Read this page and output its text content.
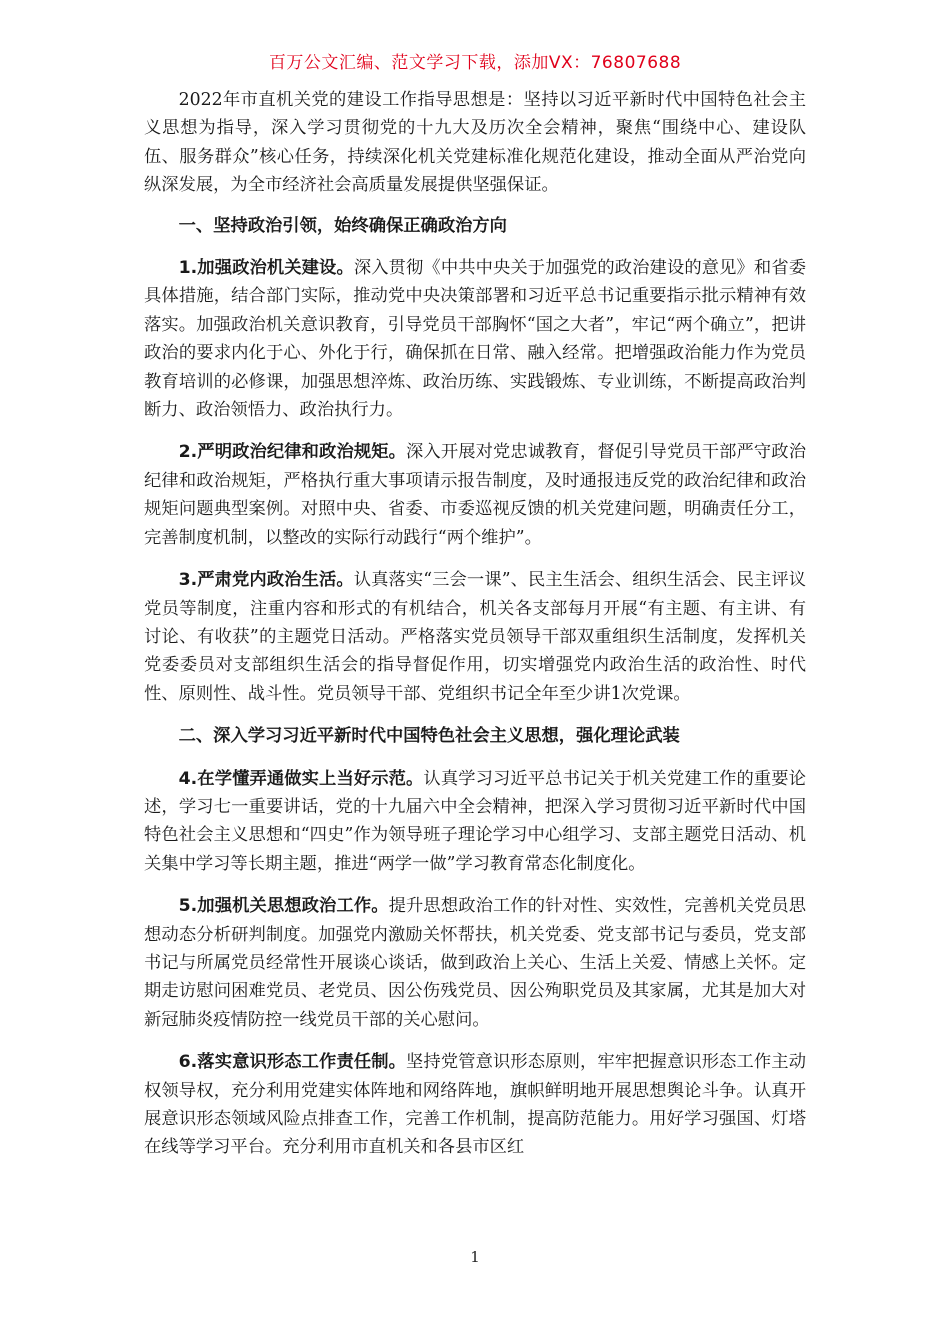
百万公文汇编、范文学习下载，添加VX：76807688

2022年市直机关党的建设工作指导思想是：坚持以习近平新时代中国特色社会主义思想为指导，深入学习贯彻党的十九大及历次全会精神，聚焦“围绕中心、建设队伍、服务群众”核心任务，持续深化机关党建标准化规范化建设，推动全面从严治党向纵深发展，为全市经济社会高质量发展提供坚强保证。

一、坚持政治引领，始终确保正确政治方向

1.加强政治机关建设。深入贯彻《中共中央关于加强党的政治建设的意见》和省委具体措施，结合部门实际，推动党中央决策部署和习近平总书记重要指示批示精神有效落实。加强政治机关意识教育，引导党员干部胸怀“国之大者”，牢记“两个确立”，把讲政治的要求内化于心、外化于行，确保抓在日常、融入经常。把增强政治能力作为党员教育培训的必修课，加强思想淬炼、政治历练、实践锻炼、专业训练，不断提高政治判断力、政治领悟力、政治执行力。

2.严明政治纪律和政治规矩。深入开展对党忠诚教育，督促引导党员干部严守政治纪律和政治规矩，严格执行重大事项请示报告制度，及时通报违反党的政治纪律和政治规矩问题典型案例。对照中央、省委、市委巡视反馈的机关党建问题，明确责任分工，完善制度机制，以整改的实际行动践行“两个维护”。

3.严肃党内政治生活。认真落实“三会一课”、民主生活会、组织生活会、民主评议党员等制度，注重内容和形式的有机结合，机关各支部每月开展“有主题、有主讲、有讨论、有收获”的主题党日活动。严格落实党员领导干部双重组织生活制度，发挥机关党委委员对支部组织生活会的指导督促作用，切实增强党内政治生活的政治性、时代性、原则性、战斗性。党员领导干部、党组织书记全年至少讲1次党课。

二、深入学习习近平新时代中国特色社会主义思想，强化理论武装

4.在学懂弄通做实上当好示范。认真学习习近平总书记关于机关党建工作的重要论述，学习七一重要讲话，党的十九届六中全会精神，把深入学习贯彻习近平新时代中国特色社会主义思想和“四史”作为领导班子理论学习中心组学习、支部主题党日活动、机关集中学习等长期主题，推进“两学一做”学习教育常态化制度化。

5.加强机关思想政治工作。提升思想政治工作的针对性、实效性，完善机关党员思想动态分析研判制度。加强党内激励关怀帮扶，机关党委、党支部书记与委员，党支部书记与所属党员经常性开展谈心谈话，做到政治上关心、生活上关爱、情感上关怀。定期走访慰问困难党员、老党员、因公伤残党员、因公殉职党员及其家属，尤其是加大对新冠肺炎疫情防控一线党员干部的关心慰问。

6.落实意识形态工作责任制。坚持党管意识形态原则，牢牢把握意识形态工作主动权领导权，充分利用党建实体阵地和网络阵地，旗帜鲜明地开展思想舆论斗争。认真开展意识形态领域风险点排查工作，完善工作机制，提高防范能力。用好学习强国、灯塔在线等学习平台。充分利用市直机关和各县市区红

1
